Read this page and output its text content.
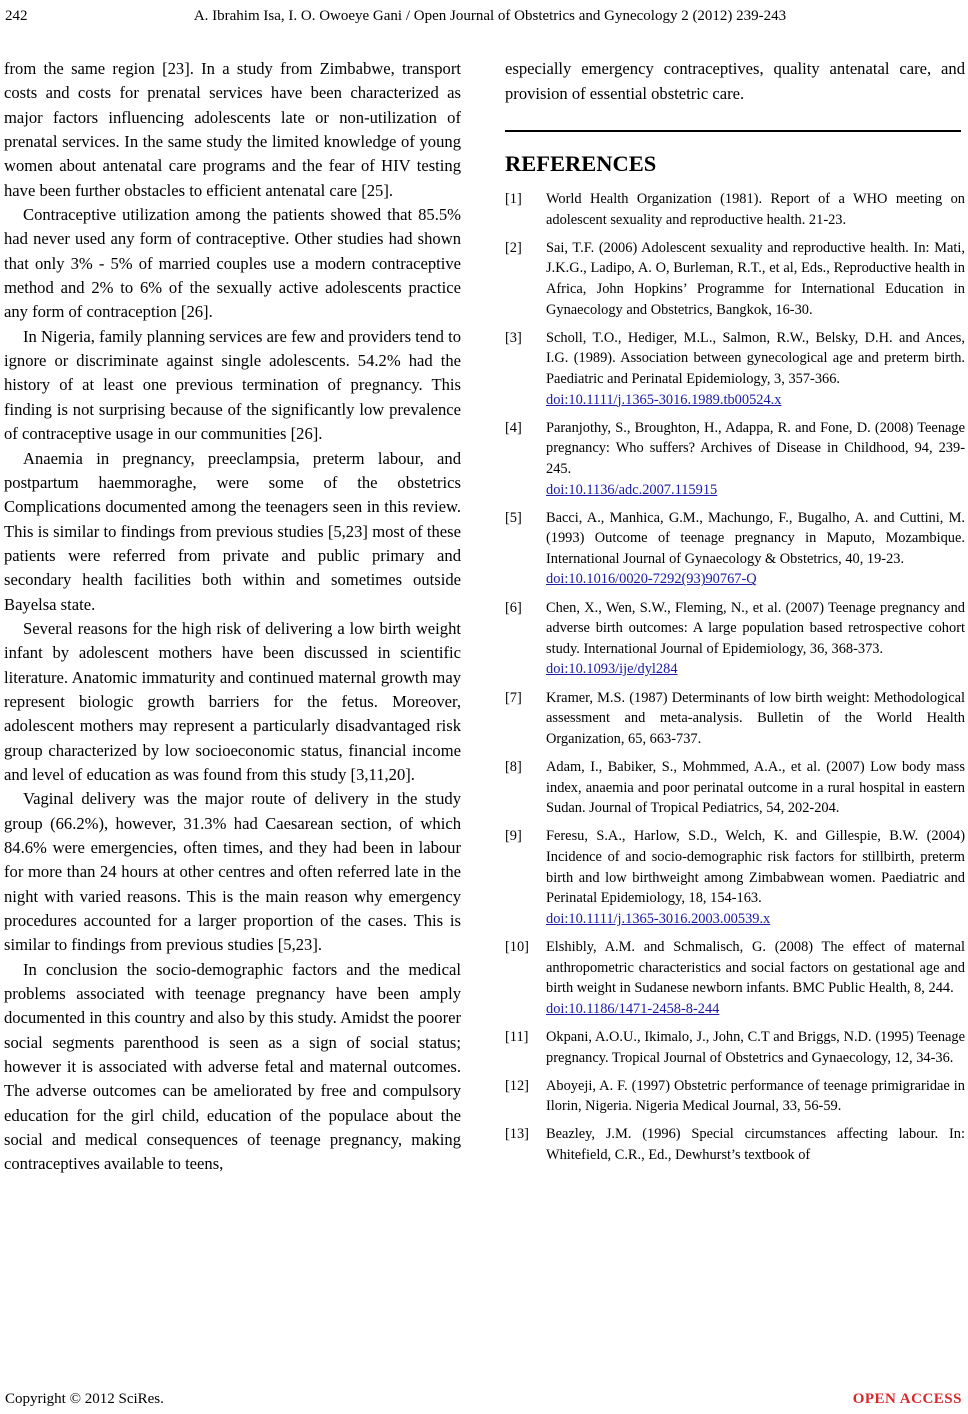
242	A. Ibrahim Isa, I. O. Owoeye Gani / Open Journal of Obstetrics and Gynecology 2 (2012) 239-243

from the same region [23]. In a study from Zimbabwe, transport costs and costs for prenatal services have been characterized as major factors influencing adolescents late or non-utilization of prenatal services. In the same study the limited knowledge of young women about antenatal care programs and the fear of HIV testing have been further obstacles to efficient antenatal care [25].

Contraceptive utilization among the patients showed that 85.5% had never used any form of contraceptive. Other studies had shown that only 3% - 5% of married couples use a modern contraceptive method and 2% to 6% of the sexually active adolescents practice any form of contraception [26].

In Nigeria, family planning services are few and providers tend to ignore or discriminate against single adolescents. 54.2% had the history of at least one previous termination of pregnancy. This finding is not surprising because of the significantly low prevalence of contraceptive usage in our communities [26].

Anaemia in pregnancy, preeclampsia, preterm labour, and postpartum haemmoraghe, were some of the obstetrics Complications documented among the teenagers seen in this review. This is similar to findings from previous studies [5,23] most of these patients were referred from private and public primary and secondary health facilities both within and sometimes outside Bayelsa state.

Several reasons for the high risk of delivering a low birth weight infant by adolescent mothers have been discussed in scientific literature. Anatomic immaturity and continued maternal growth may represent biologic growth barriers for the fetus. Moreover, adolescent mothers may represent a particularly disadvantaged risk group characterized by low socioeconomic status, financial income and level of education as was found from this study [3,11,20].

Vaginal delivery was the major route of delivery in the study group (66.2%), however, 31.3% had Caesarean section, of which 84.6% were emergencies, often times, and they had been in labour for more than 24 hours at other centres and often referred late in the night with varied reasons. This is the main reason why emergency procedures accounted for a larger proportion of the cases. This is similar to findings from previous studies [5,23].

In conclusion the socio-demographic factors and the medical problems associated with teenage pregnancy have been amply documented in this country and also by this study. Amidst the poorer social segments parenthood is seen as a sign of social status; however it is associated with adverse fetal and maternal outcomes. The adverse outcomes can be ameliorated by free and compulsory education for the girl child, education of the populace about the social and medical consequences of teenage pregnancy, making contraceptives available to teens,

especially emergency contraceptives, quality antenatal care, and provision of essential obstetric care.

REFERENCES
[1] World Health Organization (1981). Report of a WHO meeting on adolescent sexuality and reproductive health. 21-23.
[2] Sai, T.F. (2006) Adolescent sexuality and reproductive health. In: Mati, J.K.G., Ladipo, A. O, Burleman, R.T., et al, Eds., Reproductive health in Africa, John Hopkins’ Programme for International Education in Gynaecology and Obstetrics, Bangkok, 16-30.
[3] Scholl, T.O., Hediger, M.L., Salmon, R.W., Belsky, D.H. and Ances, I.G. (1989). Association between gynecological age and preterm birth. Paediatric and Perinatal Epidemiology, 3, 357-366.
doi:10.1111/j.1365-3016.1989.tb00524.x
[4] Paranjothy, S., Broughton, H., Adappa, R. and Fone, D. (2008) Teenage pregnancy: Who suffers? Archives of Disease in Childhood, 94, 239-245.
doi:10.1136/adc.2007.115915
[5] Bacci, A., Manhica, G.M., Machungo, F., Bugalho, A. and Cuttini, M. (1993) Outcome of teenage pregnancy in Maputo, Mozambique. International Journal of Gynaecology & Obstetrics, 40, 19-23.
doi:10.1016/0020-7292(93)90767-Q
[6] Chen, X., Wen, S.W., Fleming, N., et al. (2007) Teenage pregnancy and adverse birth outcomes: A large population based retrospective cohort study. International Journal of Epidemiology, 36, 368-373.
doi:10.1093/ije/dyl284
[7] Kramer, M.S. (1987) Determinants of low birth weight: Methodological assessment and meta-analysis. Bulletin of the World Health Organization, 65, 663-737.
[8] Adam, I., Babiker, S., Mohmmed, A.A., et al. (2007) Low body mass index, anaemia and poor perinatal outcome in a rural hospital in eastern Sudan. Journal of Tropical Pediatrics, 54, 202-204.
[9] Feresu, S.A., Harlow, S.D., Welch, K. and Gillespie, B.W. (2004) Incidence of and socio-demographic risk factors for stillbirth, preterm birth and low birthweight among Zimbabwean women. Paediatric and Perinatal Epidemiology, 18, 154-163.
doi:10.1111/j.1365-3016.2003.00539.x
[10] Elshibly, A.M. and Schmalisch, G. (2008) The effect of maternal anthropometric characteristics and social factors on gestational age and birth weight in Sudanese newborn infants. BMC Public Health, 8, 244.
doi:10.1186/1471-2458-8-244
[11] Okpani, A.O.U., Ikimalo, J., John, C.T and Briggs, N.D. (1995) Teenage pregnancy. Tropical Journal of Obstetrics and Gynaecology, 12, 34-36.
[12] Aboyeji, A. F. (1997) Obstetric performance of teenage primigraridae in Ilorin, Nigeria. Nigeria Medical Journal, 33, 56-59.
[13] Beazley, J.M. (1996) Special circumstances affecting labour. In: Whitefield, C.R., Ed., Dewhurst’s textbook of
Copyright © 2012 SciRes.	OPEN ACCESS
